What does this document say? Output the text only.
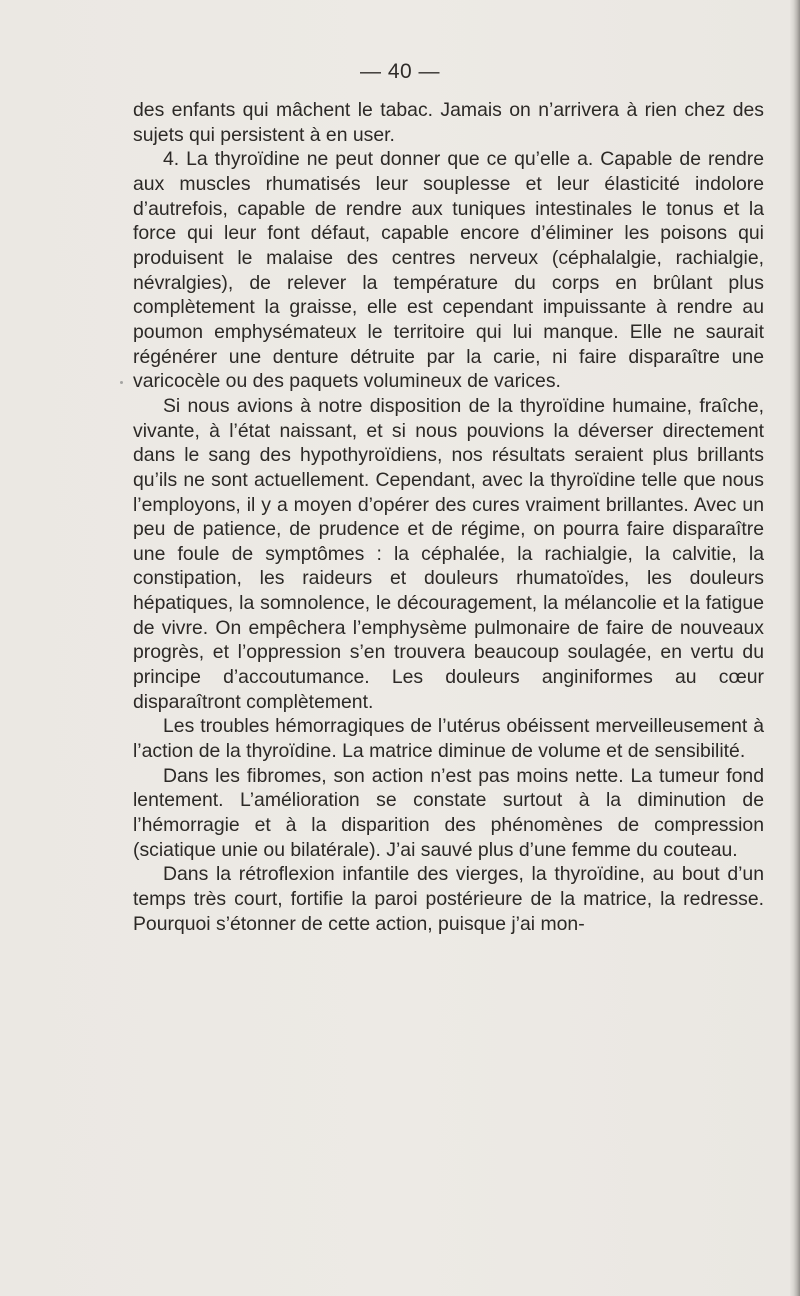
— 40 —

des enfants qui mâchent le tabac. Jamais on n’arrivera à rien chez des sujets qui persistent à en user.

4. La thyroïdine ne peut donner que ce qu’elle a. Capable de rendre aux muscles rhumatisés leur souplesse et leur élasticité indolore d’autrefois, capable de rendre aux tuniques intestinales le tonus et la force qui leur font défaut, capable encore d’éliminer les poisons qui produisent le malaise des centres nerveux (céphalalgie, rachialgie, névralgies), de relever la température du corps en brûlant plus complètement la graisse, elle est cependant impuissante à rendre au poumon emphysémateux le territoire qui lui manque. Elle ne saurait régénérer une denture détruite par la carie, ni faire disparaître une varicocèle ou des paquets volumineux de varices.

Si nous avions à notre disposition de la thyroïdine humaine, fraîche, vivante, à l’état naissant, et si nous pouvions la déverser directement dans le sang des hypothyroïdiens, nos résultats seraient plus brillants qu’ils ne sont actuellement. Cependant, avec la thyroïdine telle que nous l’employons, il y a moyen d’opérer des cures vraiment brillantes. Avec un peu de patience, de prudence et de régime, on pourra faire disparaître une foule de symptômes : la céphalée, la rachialgie, la calvitie, la constipation, les raideurs et douleurs rhumatoïdes, les douleurs hépatiques, la somnolence, le découragement, la mélancolie et la fatigue de vivre. On empêchera l’emphysème pulmonaire de faire de nouveaux progrès, et l’oppression s’en trouvera beaucoup soulagée, en vertu du principe d’accoutumance. Les douleurs anginiformes au cœur disparaîtront complètement.

Les troubles hémorragiques de l’utérus obéissent merveilleusement à l’action de la thyroïdine. La matrice diminue de volume et de sensibilité.

Dans les fibromes, son action n’est pas moins nette. La tumeur fond lentement. L’amélioration se constate surtout à la diminution de l’hémorragie et à la disparition des phénomènes de compression (sciatique unie ou bilatérale). J’ai sauvé plus d’une femme du couteau.

Dans la rétroflexion infantile des vierges, la thyroïdine, au bout d’un temps très court, fortifie la paroi postérieure de la matrice, la redresse. Pourquoi s’étonner de cette action, puisque j’ai mon-
